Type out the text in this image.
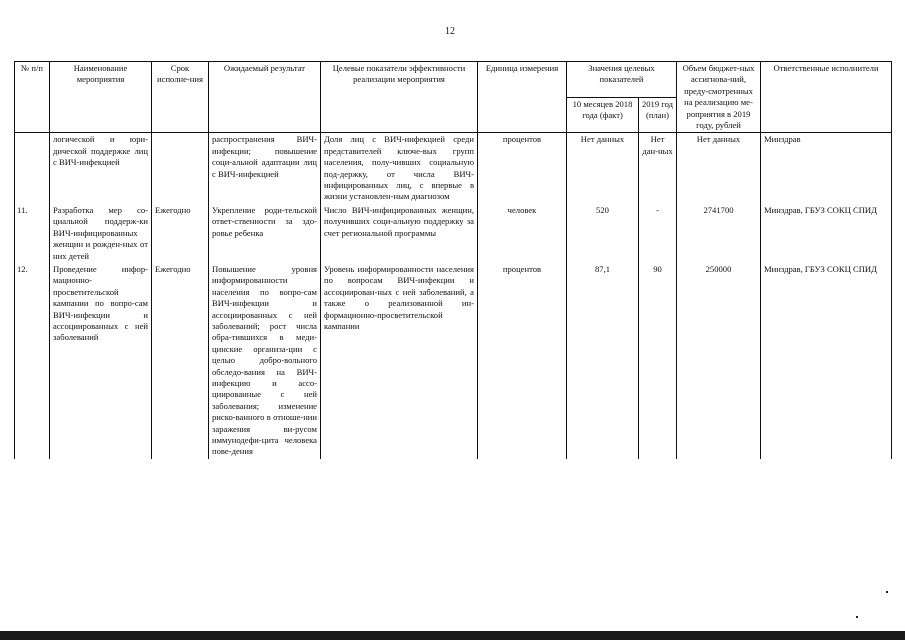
12
№ п/п	Наименование мероприятия	Срок исполне-ния	Ожидаемый результат	Целевые показатели эффективности реализации мероприятия	Единица измерения	Значения целевых показателей		Объем бюджет-ных ассигнова-ний, преду-смотренных на реализацию ме-роприятия в 2019 году, рублей	Ответственные исполнители
						10 месяцев 2018 года (факт)	2019 год (план)		
	логической и юри-дической поддержке лиц с ВИЧ-инфекцией		распространения ВИЧ-инфекции; повышение соци-альной адаптации лиц с ВИЧ-инфекцией	Доля лиц с ВИЧ-инфекцией среди представителей ключе-вых групп населения, полу-чивших социальную под-держку, от числа ВИЧ-инфицированных лиц, с впервые в жизни установлен-ным диагнозом	процентов	Нет данных	Нет дан-ных	Нет данных	Минздрав
11.	Разработка мер со-циальной поддерж-ки ВИЧ-инфицированных женщин и рожден-ных от них детей	Ежегодно	Укрепление роди-тельской ответ-ственности за здо-ровье ребенка	Число ВИЧ-инфицированных женщин, получивших соци-альную поддержку за счет региональной программы	человек	520	-	2741700	Минздрав, ГБУЗ СОКЦ СПИД
12.	Проведение инфор-мационно-просветительской кампании по вопро-сам ВИЧ-инфекции и ассоциированных с ней заболеваний	Ежегодно	Повышение уровня информированности населения по вопро-сам ВИЧ-инфекции и ассоциированных с ней заболеваний; рост числа обра-тившихся в меди-цинские организа-ции с целью добро-вольного обследо-вания на ВИЧ-инфекцию и ассо-циированные с ней заболевания; изменение риско-ванного в отноше-нии заражения ви-русом иммунодефи-цита человека пове-дения	Уровень информированности населения по вопросам ВИЧ-инфекции и ассоциирован-ных с ней заболеваний, а также о реализованной ин-формационно-просветительской кампании	процентов	87,1	90	250000	Минздрав, ГБУЗ СОКЦ СПИД
